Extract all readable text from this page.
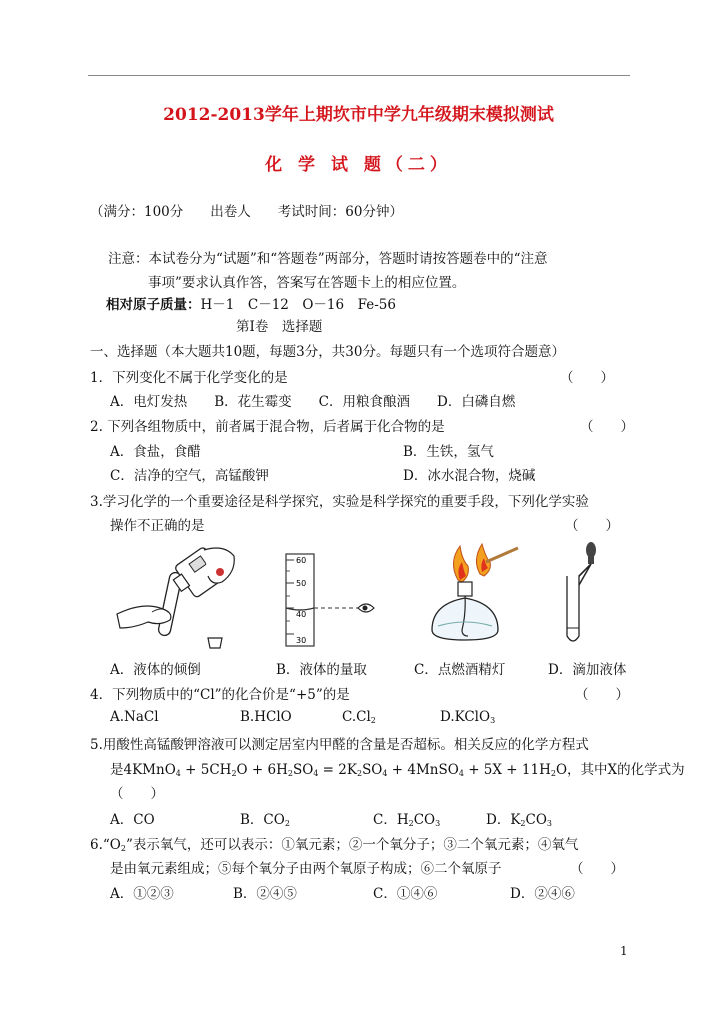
2012-2013学年上期坎市中学九年级期末模拟测试
化 学 试 题（二）
（满分：100分　　出卷人　　考试时间：60分钟）
注意：本试卷分为“试题”和“答题卷”两部分，答题时请按答题卷中的“注意
事项”要求认真作答，答案写在答题卡上的相应位置。
相对原子质量：H－1　C－12　O－16　Fe-56
第Ⅰ卷　选择题
一、选择题（本大题共10题，每题3分，共30分。每题只有一个选项符合题意）
1．下列变化不属于化学变化的是	（　　）
A．电灯发热　　B．花生霉变　　C．用粮食酿酒　　D．白磷自燃
2. 下列各组物质中，前者属于混合物，后者属于化合物的是	（　　）
A．食盐，食醋	B．生铁，氢气
C．洁净的空气，高锰酸钾	D．冰水混合物，烧碱
3.学习化学的一个重要途径是科学探究，实验是科学探究的重要手段，下列化学实验
操作不正确的是	（　　）
60
50
40
30
A．液体的倾倒	B．液体的量取	C．点燃酒精灯	D．滴加液体
4．下列物质中的“Cl”的化合价是“+5”的是	（　　）
A.NaCl	B.HClO	$C.Cl_2$	D.KClO$_3$
5.用酸性高锰酸钾溶液可以测定居室内甲醛的含量是否超标。相关反应的化学方程式
是4KMnO$_4$ + $5CH_2O + 6H_2SO_4 = 2K_2SO_4$ + 4MnSO$_4$ + $5X + 11H_2O$，其中X的化学式为
（　　）
A．CO	B．$CO_2$	C．$H_2CO_3$	D．$K_2CO_3$
$6.“O_2$”表示氧气，还可以表示：①氧元素；②一个氧分子；③二个氧元素；④氧气
是由氧元素组成；⑤每个氧分子由两个氧原子构成；⑥二个氧原子	（　　）
A．①②③	B．②④⑤	C．①④⑥	D．②④⑥
1
